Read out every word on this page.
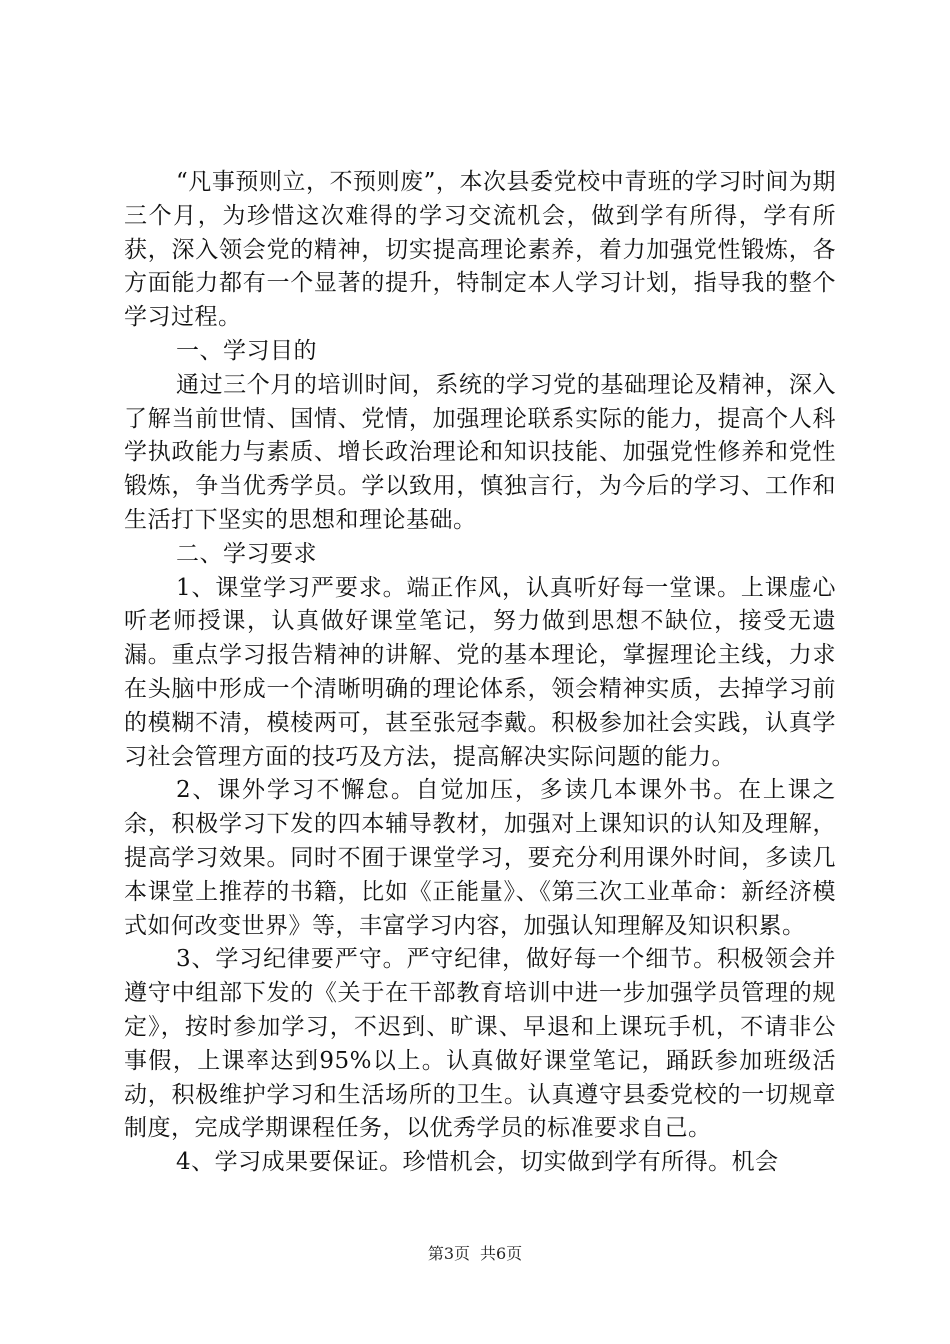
“凡事预则立，不预则废”，本次县委党校中青班的学习时间为期三个月，为珍惜这次难得的学习交流机会，做到学有所得，学有所获，深入领会党的精神，切实提高理论素养，着力加强党性锻炼，各方面能力都有一个显著的提升，特制定本人学习计划，指导我的整个学习过程。

一、学习目的

通过三个月的培训时间，系统的学习党的基础理论及精神，深入了解当前世情、国情、党情，加强理论联系实际的能力，提高个人科学执政能力与素质、增长政治理论和知识技能、加强党性修养和党性锻炼，争当优秀学员。学以致用，慎独言行，为今后的学习、工作和生活打下坚实的思想和理论基础。

二、学习要求

1、课堂学习严要求。端正作风，认真听好每一堂课。上课虚心听老师授课，认真做好课堂笔记，努力做到思想不缺位，接受无遗漏。重点学习报告精神的讲解、党的基本理论，掌握理论主线，力求在头脑中形成一个清晰明确的理论体系，领会精神实质，去掉学习前的模糊不清，模棱两可，甚至张冠李戴。积极参加社会实践，认真学习社会管理方面的技巧及方法，提高解决实际问题的能力。

2、课外学习不懈怠。自觉加压，多读几本课外书。在上课之余，积极学习下发的四本辅导教材，加强对上课知识的认知及理解，提高学习效果。同时不囿于课堂学习，要充分利用课外时间，多读几本课堂上推荐的书籍，比如《正能量》、《第三次工业革命：新经济模式如何改变世界》等，丰富学习内容，加强认知理解及知识积累。

3、学习纪律要严守。严守纪律，做好每一个细节。积极领会并遵守中组部下发的《关于在干部教育培训中进一步加强学员管理的规定》，按时参加学习，不迟到、旷课、早退和上课玩手机，不请非公事假，上课率达到95%以上。认真做好课堂笔记，踊跃参加班级活动，积极维护学习和生活场所的卫生。认真遵守县委党校的一切规章制度，完成学期课程任务，以优秀学员的标准要求自己。

4、学习成果要保证。珍惜机会，切实做到学有所得。机会

第3页 共6页
